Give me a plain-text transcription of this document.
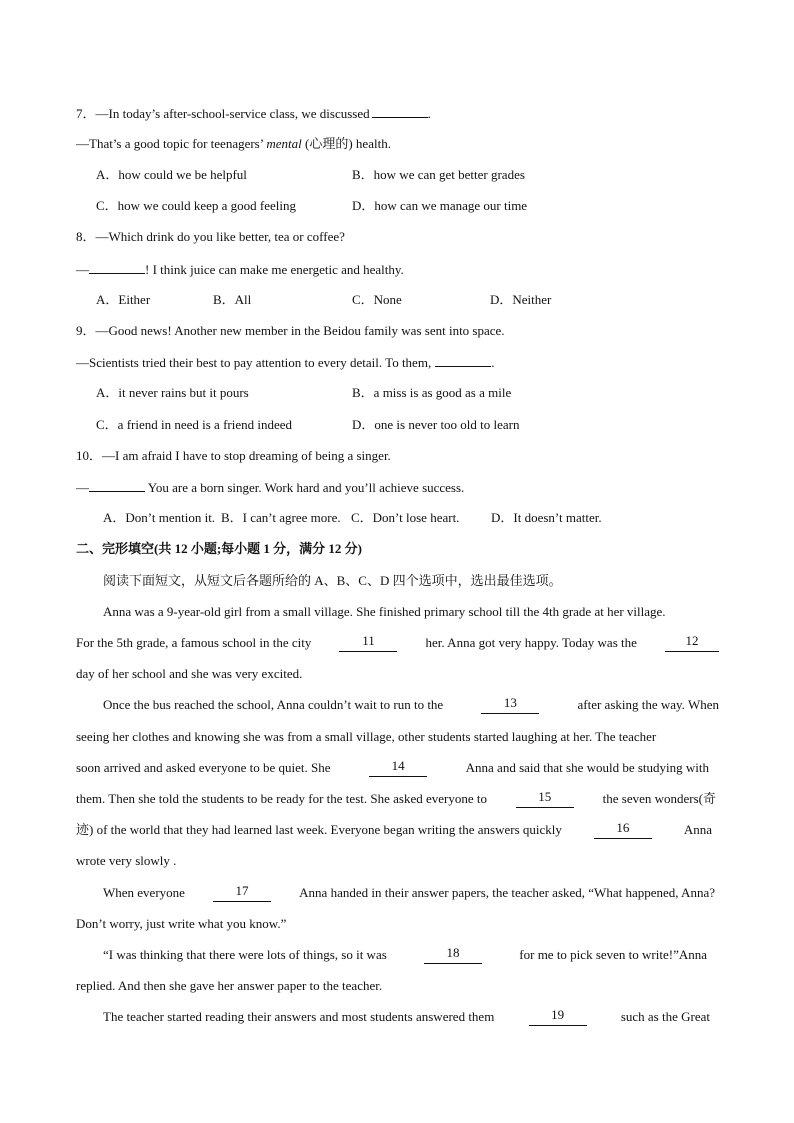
7．—In today’s after-school-service class, we discussed	.
—That’s a good topic for teenagers’ mental (心理的) health.
A．how could we be helpful	B．how we can get better grades
C．how we could keep a good feeling	D．how can we manage our time
8．—Which drink do you like better, tea or coffee?
—	! I think juice can make me energetic and healthy.
A．Either	B．All	C．None	D．Neither
9．—Good news! Another new member in the Beidou family was sent into space.
—Scientists tried their best to pay attention to every detail. To them,	.
A．it never rains but it pours	B．a miss is as good as a mile
C．a friend in need is a friend indeed	D．one is never too old to learn
10．—I am afraid I have to stop dreaming of being a singer.
—	You are a born singer. Work hard and you’ll achieve success.
A．Don’t mention it. B．I can’t agree more. C．Don’t lose heart. D．It doesn’t matter.
二、完形填空(共 12 小题;每小题 1 分，满分 12 分)
阅读下面短文，从短文后各题所给的 A、B、C、D 四个选项中，选出最佳选项。
Anna was a 9-year-old girl from a small village. She finished primary school till the 4th grade at her village.
For the 5th grade, a famous school in the city	11	her. Anna got very happy. Today was the	12
day of her school and she was very excited.
Once the bus reached the school, Anna couldn’t wait to run to the	13	after asking the way. When
seeing her clothes and knowing she was from a small village, other students started laughing at her. The teacher
soon arrived and asked everyone to be quiet. She	14	Anna and said that she would be studying with
them. Then she told the students to be ready for the test. She asked everyone to	15	the seven wonders(奇
迹) of the world that they had learned last week. Everyone began writing the answers quickly	16	Anna
wrote very slowly .
When everyone	17	Anna handed in their answer papers, the teacher asked, “What happened, Anna?
Don’t worry, just write what you know.”
“I was thinking that there were lots of things, so it was	18	for me to pick seven to write!”Anna
replied. And then she gave her answer paper to the teacher.
The teacher started reading their answers and most students answered them	19	such as the Great
